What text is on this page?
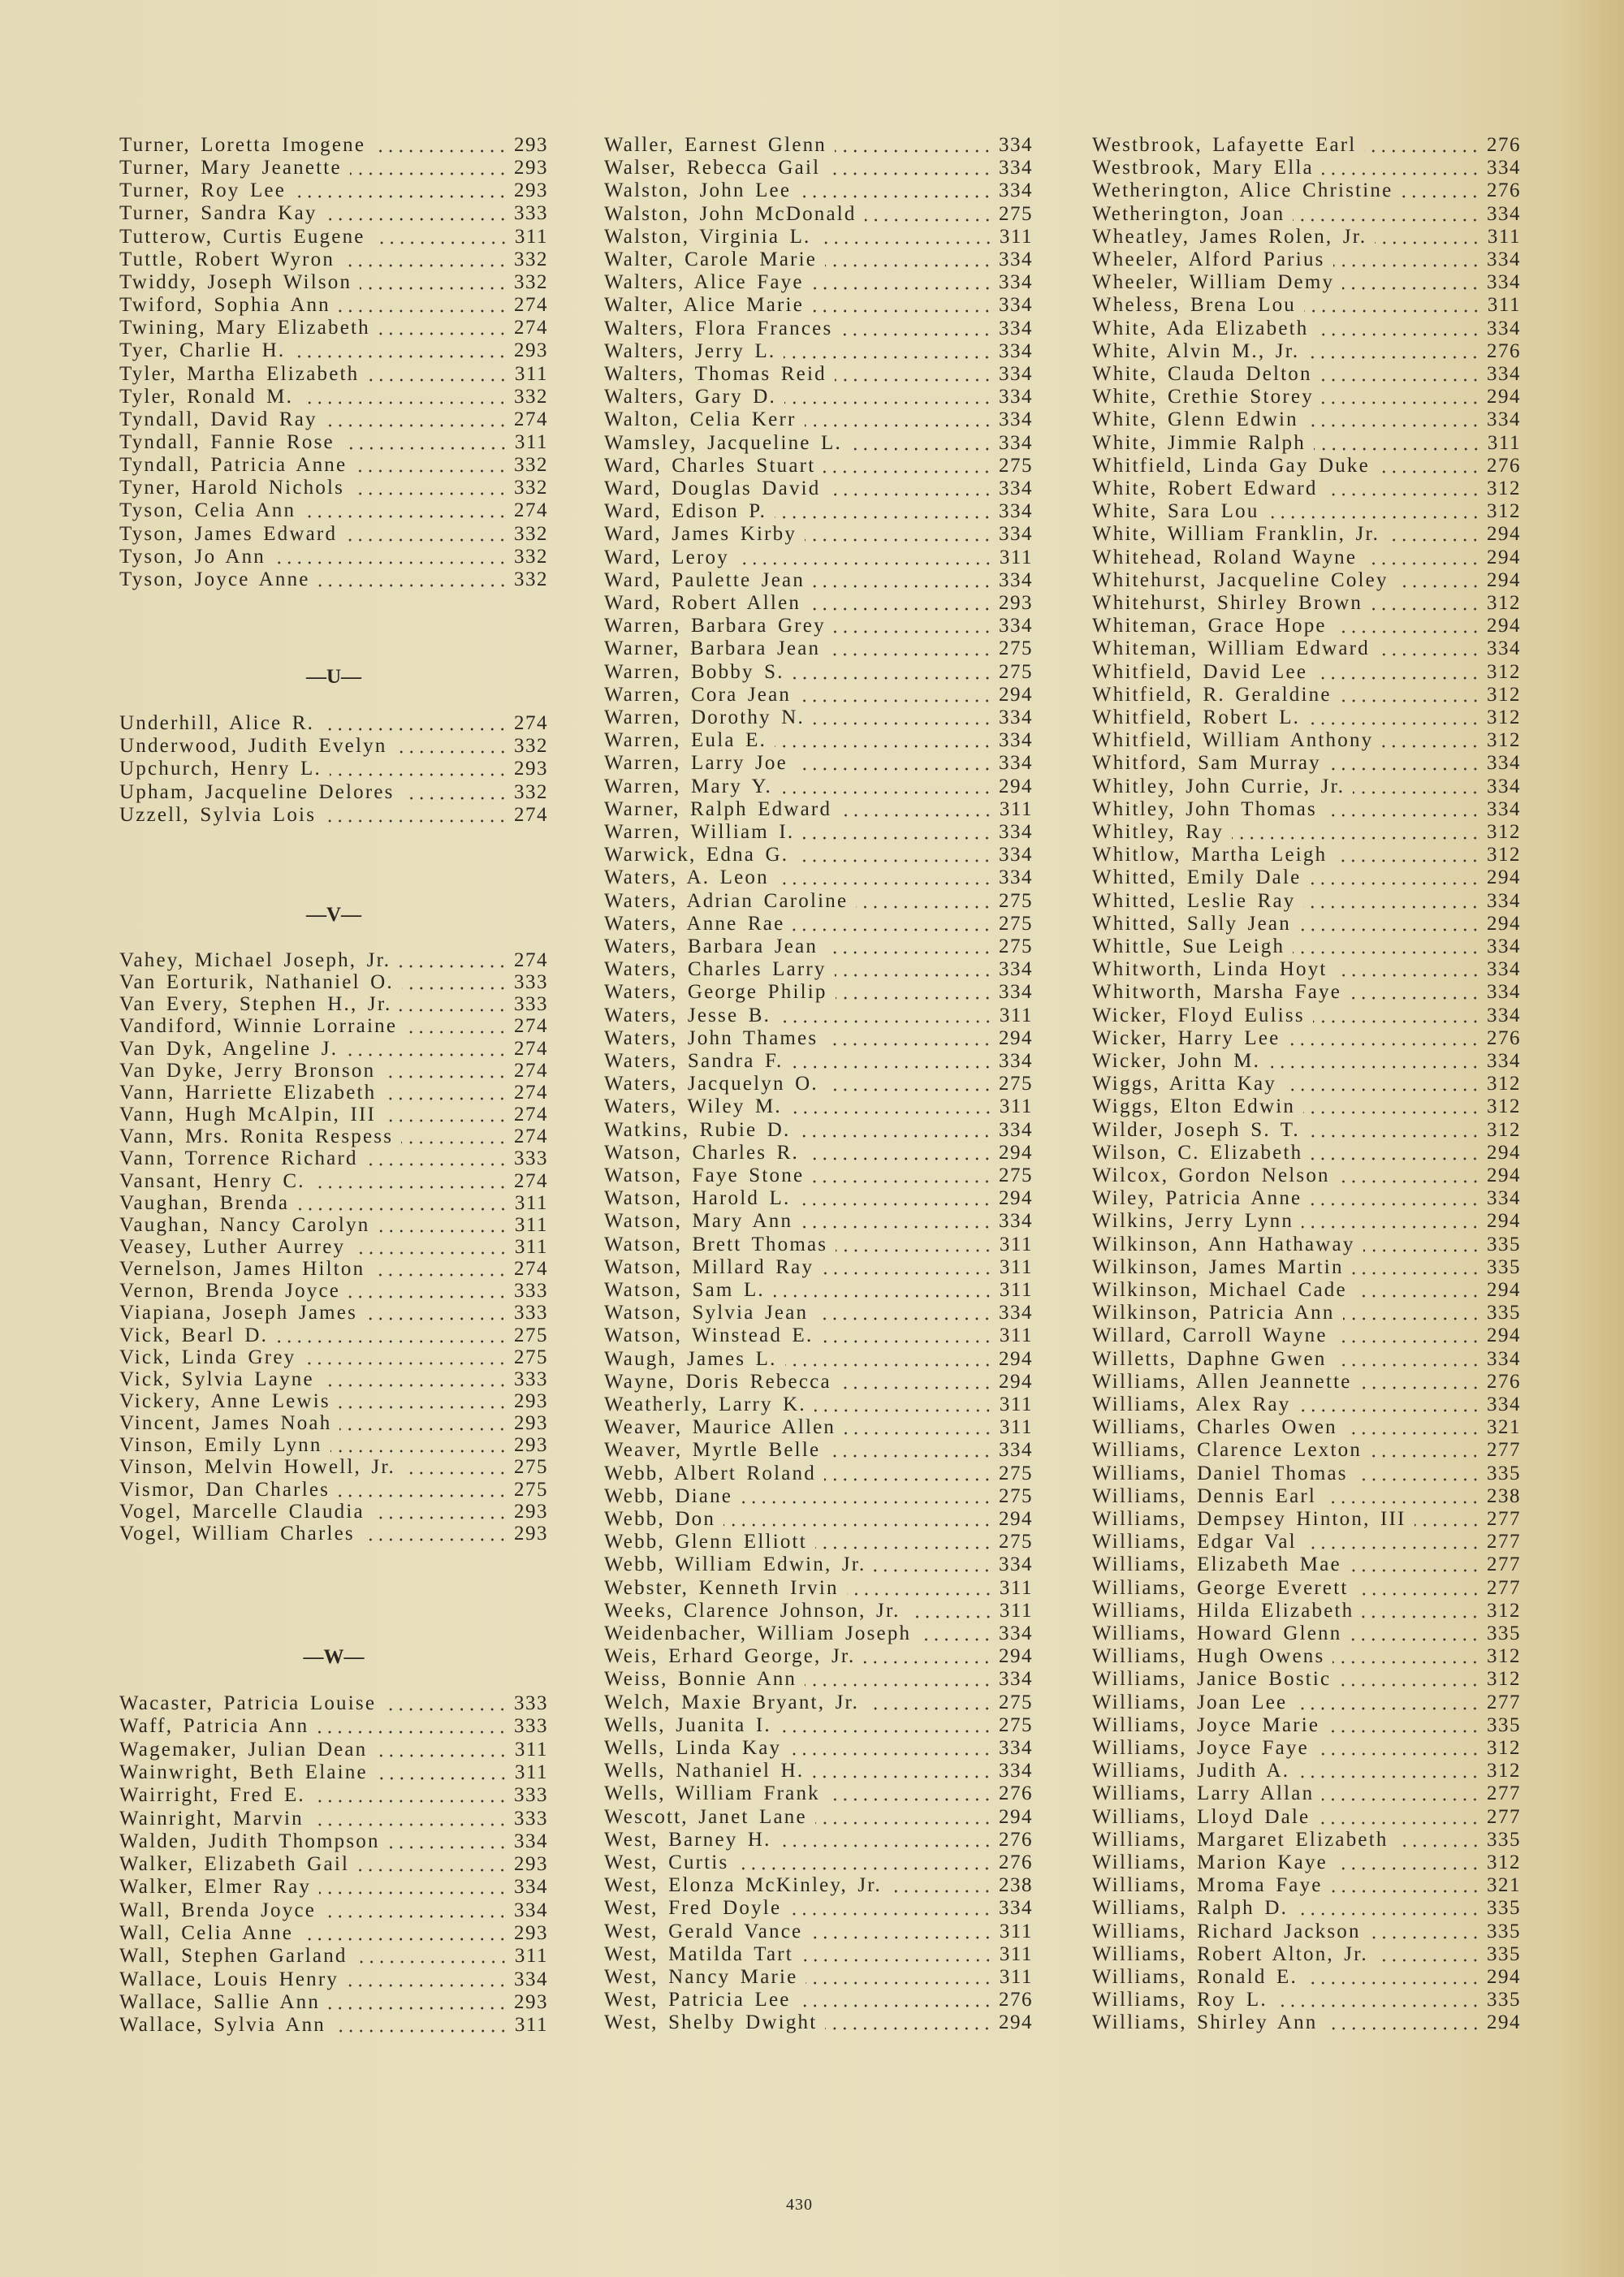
Turner, Loretta Imogene	293
Turner, Mary Jeanette	293
Turner, Roy Lee	293
Turner, Sandra Kay	333
Tutterow, Curtis Eugene	311
Tuttle, Robert Wyron	332
Twiddy, Joseph Wilson	332
Twiford, Sophia Ann	274
Twining, Mary Elizabeth	274
Tyer, Charlie H.	293
Tyler, Martha Elizabeth	311
Tyler, Ronald M.	332
Tyndall, David Ray	274
Tyndall, Fannie Rose	311
Tyndall, Patricia Anne	332
Tyner, Harold Nichols	332
Tyson, Celia Ann	274
Tyson, James Edward	332
Tyson, Jo Ann	332
Tyson, Joyce Anne	332
—U—
Underhill, Alice R.	274
Underwood, Judith Evelyn	332
Upchurch, Henry L.	293
Upham, Jacqueline Delores	332
Uzzell, Sylvia Lois	274
—V—
Vahey, Michael Joseph, Jr.	274
Van Eorturik, Nathaniel O.	333
Van Every, Stephen H., Jr.	333
Vandiford, Winnie Lorraine	274
Van Dyk, Angeline J.	274
Van Dyke, Jerry Bronson	274
Vann, Harriette Elizabeth	274
Vann, Hugh McAlpin, III	274
Vann, Mrs. Ronita Respess	274
Vann, Torrence Richard	333
Vansant, Henry C.	274
Vaughan, Brenda	311
Vaughan, Nancy Carolyn	311
Veasey, Luther Aurrey	311
Vernelson, James Hilton	274
Vernon, Brenda Joyce	333
Viapiana, Joseph James	333
Vick, Bearl D.	275
Vick, Linda Grey	275
Vick, Sylvia Layne	333
Vickery, Anne Lewis	293
Vincent, James Noah	293
Vinson, Emily Lynn	293
Vinson, Melvin Howell, Jr.	275
Vismor, Dan Charles	275
Vogel, Marcelle Claudia	293
Vogel, William Charles	293
—W—
Wacaster, Patricia Louise	333
Waff, Patricia Ann	333
Wagemaker, Julian Dean	311
Wainwright, Beth Elaine	311
Wairright, Fred E.	333
Wainright, Marvin	333
Walden, Judith Thompson	334
Walker, Elizabeth Gail	293
Walker, Elmer Ray	334
Wall, Brenda Joyce	334
Wall, Celia Anne	293
Wall, Stephen Garland	311
Wallace, Louis Henry	334
Wallace, Sallie Ann	293
Wallace, Sylvia Ann	311
Waller, Earnest Glenn	334
Walser, Rebecca Gail	334
Walston, John Lee	334
Walston, John McDonald	275
Walston, Virginia L.	311
Walter, Carole Marie	334
Walters, Alice Faye	334
Walter, Alice Marie	334
Walters, Flora Frances	334
Walters, Jerry L.	334
Walters, Thomas Reid	334
Walters, Gary D.	334
Walton, Celia Kerr	334
Wamsley, Jacqueline L.	334
Ward, Charles Stuart	275
Ward, Douglas David	334
Ward, Edison P.	334
Ward, James Kirby	334
Ward, Leroy	311
Ward, Paulette Jean	334
Ward, Robert Allen	293
Warren, Barbara Grey	334
Warner, Barbara Jean	275
Warren, Bobby S.	275
Warren, Cora Jean	294
Warren, Dorothy N.	334
Warren, Eula E.	334
Warren, Larry Joe	334
Warren, Mary Y.	294
Warner, Ralph Edward	311
Warren, William I.	334
Warwick, Edna G.	334
Waters, A. Leon	334
Waters, Adrian Caroline	275
Waters, Anne Rae	275
Waters, Barbara Jean	275
Waters, Charles Larry	334
Waters, George Philip	334
Waters, Jesse B.	311
Waters, John Thames	294
Waters, Sandra F.	334
Waters, Jacquelyn O.	275
Waters, Wiley M.	311
Watkins, Rubie D.	334
Watson, Charles R.	294
Watson, Faye Stone	275
Watson, Harold L.	294
Watson, Mary Ann	334
Watson, Brett Thomas	311
Watson, Millard Ray	311
Watson, Sam L.	311
Watson, Sylvia Jean	334
Watson, Winstead E.	311
Waugh, James L.	294
Wayne, Doris Rebecca	294
Weatherly, Larry K.	311
Weaver, Maurice Allen	311
Weaver, Myrtle Belle	334
Webb, Albert Roland	275
Webb, Diane	275
Webb, Don	294
Webb, Glenn Elliott	275
Webb, William Edwin, Jr.	334
Webster, Kenneth Irvin	311
Weeks, Clarence Johnson, Jr.	311
Weidenbacher, William Joseph	334
Weis, Erhard George, Jr.	294
Weiss, Bonnie Ann	334
Welch, Maxie Bryant, Jr.	275
Wells, Juanita I.	275
Wells, Linda Kay	334
Wells, Nathaniel H.	334
Wells, William Frank	276
Wescott, Janet Lane	294
West, Barney H.	276
West, Curtis	276
West, Elonza McKinley, Jr.	238
West, Fred Doyle	334
West, Gerald Vance	311
West, Matilda Tart	311
West, Nancy Marie	311
West, Patricia Lee	276
West, Shelby Dwight	294
Westbrook, Lafayette Earl	276
Westbrook, Mary Ella	334
Wetherington, Alice Christine	276
Wetherington, Joan	334
Wheatley, James Rolen, Jr.	311
Wheeler, Alford Parius	334
Wheeler, William Demy	334
Wheless, Brena Lou	311
White, Ada Elizabeth	334
White, Alvin M., Jr.	276
White, Clauda Delton	334
White, Crethie Storey	294
White, Glenn Edwin	334
White, Jimmie Ralph	311
Whitfield, Linda Gay Duke	276
White, Robert Edward	312
White, Sara Lou	312
White, William Franklin, Jr.	294
Whitehead, Roland Wayne	294
Whitehurst, Jacqueline Coley	294
Whitehurst, Shirley Brown	312
Whiteman, Grace Hope	294
Whiteman, William Edward	334
Whitfield, David Lee	312
Whitfield, R. Geraldine	312
Whitfield, Robert L.	312
Whitfield, William Anthony	312
Whitford, Sam Murray	334
Whitley, John Currie, Jr.	334
Whitley, John Thomas	334
Whitley, Ray	312
Whitlow, Martha Leigh	312
Whitted, Emily Dale	294
Whitted, Leslie Ray	334
Whitted, Sally Jean	294
Whittle, Sue Leigh	334
Whitworth, Linda Hoyt	334
Whitworth, Marsha Faye	334
Wicker, Floyd Euliss	334
Wicker, Harry Lee	276
Wicker, John M.	334
Wiggs, Aritta Kay	312
Wiggs, Elton Edwin	312
Wilder, Joseph S. T.	312
Wilson, C. Elizabeth	294
Wilcox, Gordon Nelson	294
Wiley, Patricia Anne	334
Wilkins, Jerry Lynn	294
Wilkinson, Ann Hathaway	335
Wilkinson, James Martin	335
Wilkinson, Michael Cade	294
Wilkinson, Patricia Ann	335
Willard, Carroll Wayne	294
Willetts, Daphne Gwen	334
Williams, Allen Jeannette	276
Williams, Alex Ray	334
Williams, Charles Owen	321
Williams, Clarence Lexton	277
Williams, Daniel Thomas	335
Williams, Dennis Earl	238
Williams, Dempsey Hinton, III	277
Williams, Edgar Val	277
Williams, Elizabeth Mae	277
Williams, George Everett	277
Williams, Hilda Elizabeth	312
Williams, Howard Glenn	335
Williams, Hugh Owens	312
Williams, Janice Bostic	312
Williams, Joan Lee	277
Williams, Joyce Marie	335
Williams, Joyce Faye	312
Williams, Judith A.	312
Williams, Larry Allan	277
Williams, Lloyd Dale	277
Williams, Margaret Elizabeth	335
Williams, Marion Kaye	312
Williams, Mroma Faye	321
Williams, Ralph D.	335
Williams, Richard Jackson	335
Williams, Robert Alton, Jr.	335
Williams, Ronald E.	294
Williams, Roy L.	335
Williams, Shirley Ann	294
430
